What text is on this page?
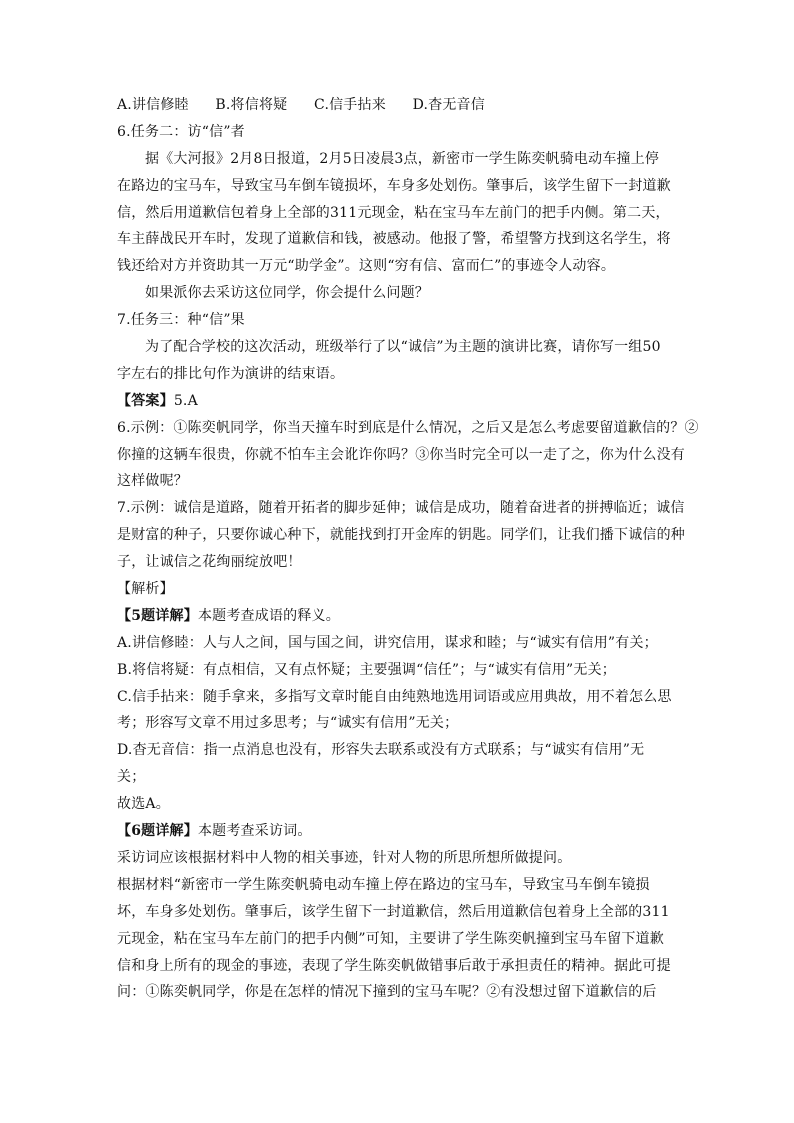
A.讲信修睦 B.将信将疑 C.信手拈来 D.杳无音信
6.任务二：访“信”者
据《大河报》2月8日报道，2月5日凌晨3点，新密市一学生陈奕帆骑电动车撞上停
在路边的宝马车，导致宝马车倒车镜损坏，车身多处划伤。肇事后，该学生留下一封道歉
信，然后用道歉信包着身上全部的311元现金，粘在宝马车左前门的把手内侧。第二天，
车主薛战民开车时，发现了道歉信和钱，被感动。他报了警，希望警方找到这名学生，将
钱还给对方并资助其一万元“助学金”。这则“穷有信、富而仁”的事迹令人动容。
如果派你去采访这位同学，你会提什么问题？
7.任务三：种“信”果
为了配合学校的这次活动，班级举行了以“诚信”为主题的演讲比赛，请你写一组50
字左右的排比句作为演讲的结束语。
【答案】5.A
6.示例：①陈奕帆同学，你当天撞车时到底是什么情况，之后又是怎么考虑要留道歉信的？②
你撞的这辆车很贵，你就不怕车主会讹诈你吗？③你当时完全可以一走了之，你为什么没有
这样做呢？
7.示例：诚信是道路，随着开拓者的脚步延伸；诚信是成功，随着奋进者的拼搏临近；诚信
是财富的种子，只要你诚心种下，就能找到打开金库的钥匙。同学们，让我们播下诚信的种
子，让诚信之花绚丽绽放吧！
【解析】
【5题详解】本题考查成语的释义。
A.讲信修睦：人与人之间，国与国之间，讲究信用，谋求和睦；与“诚实有信用”有关；
B.将信将疑：有点相信，又有点怀疑；主要强调“信任”；与“诚实有信用”无关；
C.信手拈来：随手拿来，多指写文章时能自由纯熟地选用词语或应用典故，用不着怎么思
考；形容写文章不用过多思考；与“诚实有信用”无关；
D.杳无音信：指一点消息也没有，形容失去联系或没有方式联系；与“诚实有信用”无
关；
故选A。
【6题详解】本题考查采访词。
采访词应该根据材料中人物的相关事迹，针对人物的所思所想所做提问。
根据材料“新密市一学生陈奕帆骑电动车撞上停在路边的宝马车，导致宝马车倒车镜损
坏，车身多处划伤。肇事后，该学生留下一封道歉信，然后用道歉信包着身上全部的311
元现金，粘在宝马车左前门的把手内侧”可知，主要讲了学生陈奕帆撞到宝马车留下道歉
信和身上所有的现金的事迹，表现了学生陈奕帆做错事后敢于承担责任的精神。据此可提
问：①陈奕帆同学，你是在怎样的情况下撞到的宝马车呢？②有没想过留下道歉信的后
